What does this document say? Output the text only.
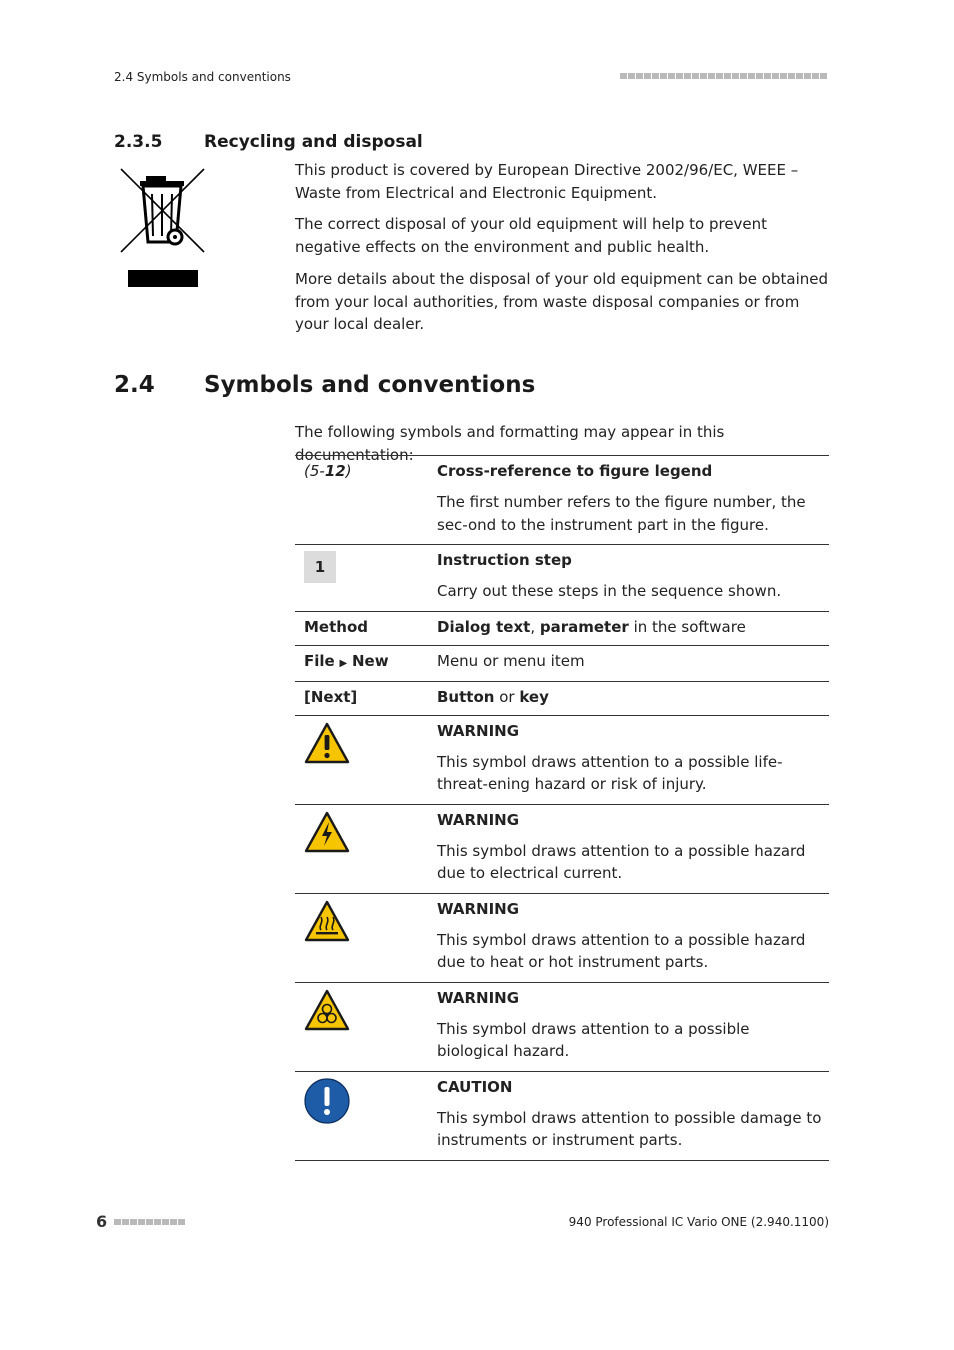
2.4 Symbols and conventions
2.3.5 Recycling and disposal

This product is covered by European Directive 2002/96/EC, WEEE – Waste from Electrical and Electronic Equipment.

The correct disposal of your old equipment will help to prevent negative effects on the environment and public health.

More details about the disposal of your old equipment can be obtained from your local authorities, from waste disposal companies or from your local dealer.

2.4 Symbols and conventions

The following symbols and formatting may appear in this documentation:

(5-12)	Cross-reference to figure legend
The first number refers to the figure number, the sec-ond to the instrument part in the figure.

1	Instruction step
Carry out these steps in the sequence shown.

Method	Dialog text, parameter in the software
File ▶ New	Menu or menu item
[Next]	Button or key

WARNING
This symbol draws attention to a possible life-threat-ening hazard or risk of injury.

WARNING
This symbol draws attention to a possible hazard due to electrical current.

WARNING
This symbol draws attention to a possible hazard due to heat or hot instrument parts.

WARNING
This symbol draws attention to a possible biological hazard.

CAUTION
This symbol draws attention to possible damage to instruments or instrument parts.
6	940 Professional IC Vario ONE (2.940.1100)
